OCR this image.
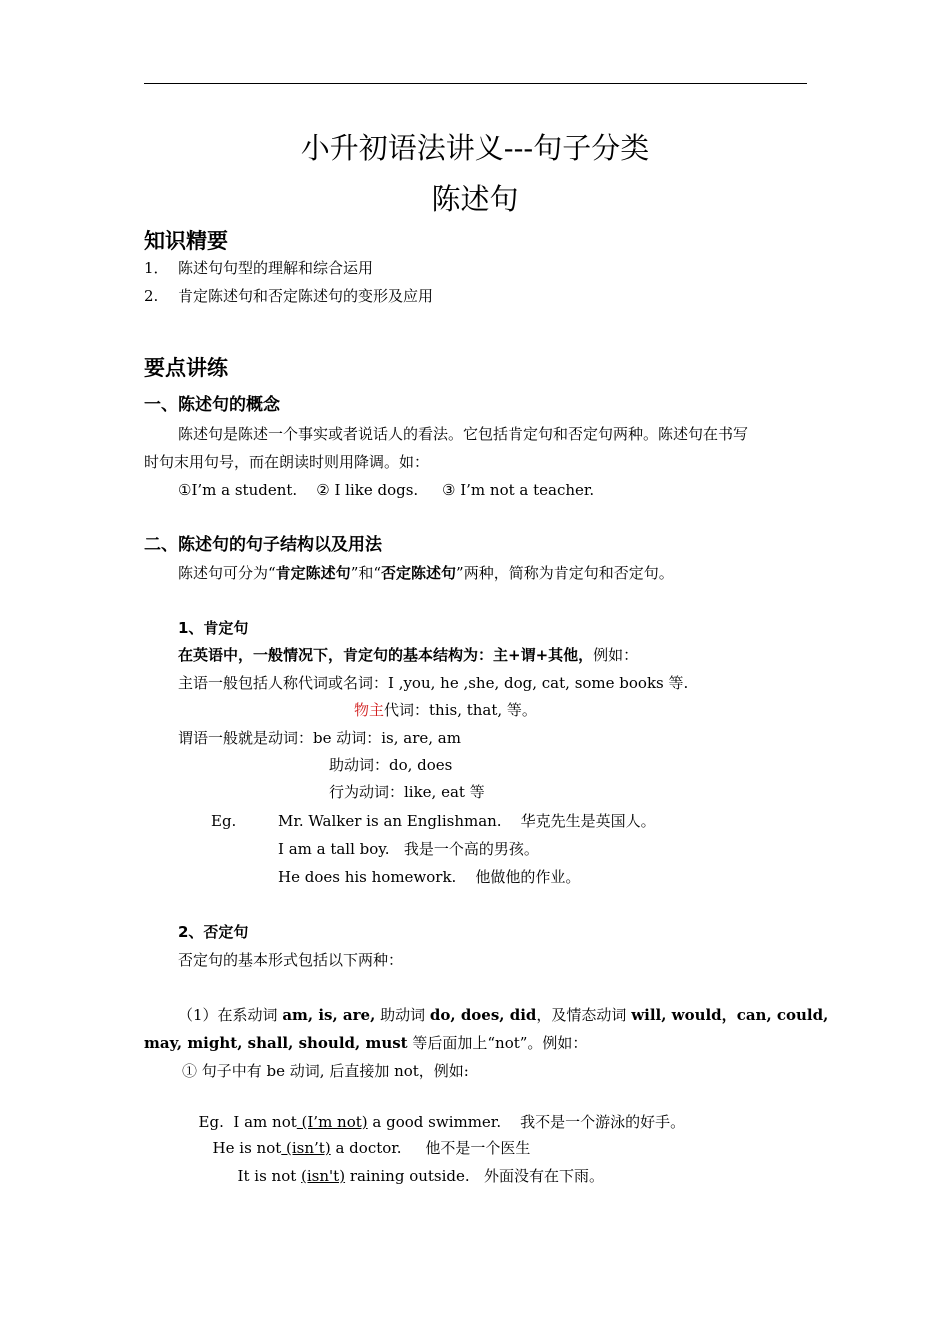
小升初语法讲义---句子分类
陈述句
知识精要
1． 陈述句句型的理解和综合运用
2. 肯定陈述句和否定陈述句的变形及应用
要点讲练
一、陈述句的概念
陈述句是陈述一个事实或者说话人的看法。它包括肯定句和否定句两种。陈述句在书写
时句末用句号，而在朗读时则用降调。如：
①I’m a student.    ② I like dogs.     ③ I’m not a teacher.
二、陈述句的句子结构以及用法
陈述句可分为“肯定陈述句”和“否定陈述句”两种，简称为肯定句和否定句。
1、肯定句
在英语中，一般情况下，肯定句的基本结构为：主+谓+其他，例如：
主语一般包括人称代词或名词：I ,you, he ,she, dog, cat, some books 等.
物主代词：this, that, 等。
谓语一般就是动词：be 动词：is, are, am
助动词：do, does
行为动词：like, eat 等
Eg.	Mr. Walker is an Englishman.    华克先生是英国人。
I am a tall boy.   我是一个高的男孩。
He does his homework.    他做他的作业。
2、否定句
否定句的基本形式包括以下两种：
（1）在系动词 am, is, are, 助动词 do, does, did，及情态动词 will, would，can, could,
may, might, shall, should, must 等后面加上“not”。例如：
① 句子中有 be 动词, 后直接加 not，例如:

Eg.  I am not (I’m not) a good swimmer.    我不是一个游泳的好手。

He is not (isn’t) a doctor.     他不是一个医生

It is not (isn't) raining outside.   外面没有在下雨。
